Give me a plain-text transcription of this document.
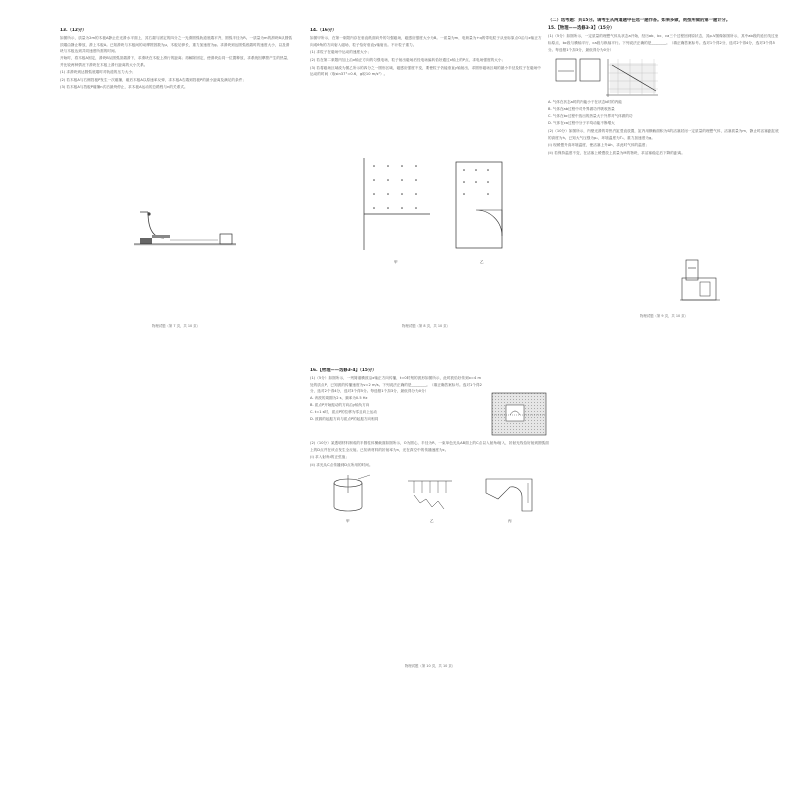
13.（12分）

如图所示，质量为2m的木板A静止在光滑水平面上，其右端与固定的四分之一光滑圆弧轨道底端平齐，圆弧半径为R。一质量为m的滑块B从圆弧顶端由静止释放，滑上木板A。已知滑块与木板间的动摩擦因数为μ，木板足够长，重力加速度为g。求滑块到达圆弧底端时的速度大小，以及滑块与木板达到共同速度所需的时间。

开始时，将木板A固定，滑块B从圆弧顶端滑下，求滑块在木板上滑行的距离；再解除固定，使滑块由同一位置释放，求系统因摩擦产生的热量，并比较两种情况下滑块在木板上滑行距离的大小关系。

(1) 求滑块到达圆弧底端时对轨道的压力大小；

(2) 若木板A与右侧挡板P发生一次碰撞，碰后木板A以原速率反弹，求木板A右端到挡板P的最小距离及满足的条件；

(3) 若木板A与挡板P碰撞n次后最终停止，求木板A运动的总路程与n的关系式。

物理试题（第 7 页，共 10 页）
14.（16分）

如图甲所示，在第一象限内存在垂直纸面向外的匀强磁场，磁感应强度大小为B。一质量为m、电荷量为+q的带电粒子从坐标原点O沿与x轴正方向成θ角的方向射入磁场，粒子恰好垂直y轴射出。不计粒子重力。

(1) 求粒子在磁场中运动的速度大小；

(2) 若在第二象限内加上沿x轴正方向的匀强电场，粒子射出磁场后经电场偏转恰好通过x轴上的P点，求电场强度的大小；

(3) 若将磁场区域改为图乙所示的四分之一圆形区域，磁感应强度不变，要使粒子仍能垂直y轴射出，求圆形磁场区域的最小半径及粒子在磁场中运动的时间（取sin37°=0.6，g取10 m/s²）。

甲	乙
物理试题（第 8 页，共 10 页）
（二）选考题：共15分。请考生从两道题中任选一题作答。如果多做，则按所做的第一题计分。
15.【物理——选修3-3】（15分）

(1)（5分）如图所示，一定质量的理想气体从状态a开始，经历ab、bc、ca三个过程回到原状态，其p-V图像如图所示，其中ab段的延长线过坐标原点，bc段与横轴平行，ca段与纵轴平行。下列说法正确的是________。（填正确答案标号。选对1个得2分，选对2个得4分，选对3个得5分。每选错1个扣3分，最低得分为0分）

A. 气体在状态a时的内能小于在状态b时的内能
B. 气体在ab过程中对外界做功并吸收热量
C. 气体在bc过程中放出的热量大于外界对气体做的功
D. 气体在ca过程中分子平均动能不断增大

(2)（10分）如图所示，内壁光滑的导热汽缸竖直放置，缸内用横截面积为S的活塞封闭一定质量的理想气体，活塞质量为m，静止时活塞距缸底的高度为h。已知大气压强为p₀，环境温度为T₀，重力加速度为g。

(i) 现缓慢升高环境温度，使活塞上升Δh，求此时气体的温度；

(ii) 若保持温度不变，在活塞上缓慢放上质量为M的物块，求活塞稳定后下降的距离。

物理试题（第 9 页，共 10 页）
16.【物理——选修3-4】（15分）

(1)（5分）如图所示，一列简谐横波沿x轴正方向传播，t=0时刻的波形如图所示，此时波恰好传到x=4 m处的质点P，已知波的传播速度为v=2 m/s。下列说法正确的是________。（填正确答案标号。选对1个得2分，选对2个得4分，选对3个得5分。每选错1个扣3分，最低得分为0分）

A. 该波的周期为2 s，频率为0.5 Hz
B. 质点P开始振动的方向沿y轴负方向
C. t=1 s时，质点P的位移为零且向上运动
D. 波源的起振方向与质点P的起振方向相同

(2)（10分）某透明材料制成的半圆柱体横截面如图所示，O为圆心，半径为R，一束单色光从AB面上的C点以入射角i射入，折射光线恰好射到圆弧面上的D点并在该点发生全反射。已知该材料的折射率为n，光在真空中的传播速度为c。

(i) 求入射角i的正弦值；

(ii) 求光从C点传播到D点所用的时间。

甲	乙	丙
物理试题（第 10 页，共 10 页）
